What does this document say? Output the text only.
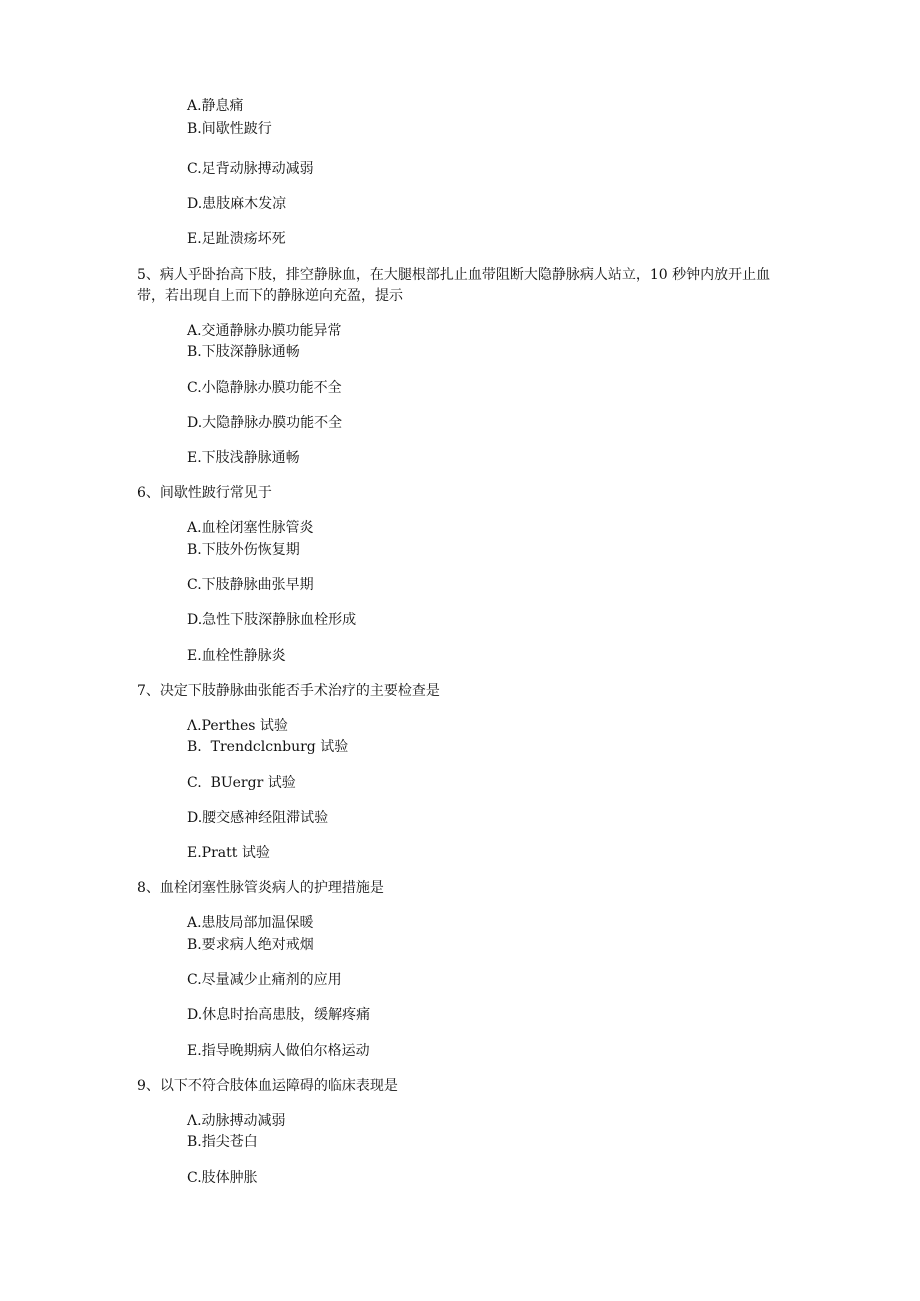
A.静息痛
B.间歇性跛行
C.足背动脉搏动减弱
D.患肢麻木发凉
E.足趾溃疡坏死
5、病人乎卧抬高下肢，排空静脉血，在大腿根部扎止血带阻断大隐静脉病人站立，10 秒钟内放开止血带，若出现自上而下的静脉逆向充盈，提示
A.交通静脉办膜功能异常
B.下肢深静脉通畅
C.小隐静脉办膜功能不全
D.大隐静脉办膜功能不全
E.下肢浅静脉通畅
6、间歇性跛行常见于
A.血栓闭塞性脉管炎
B.下肢外伤恢复期
C.下肢静脉曲张早期
D.急性下肢深静脉血栓形成
E.血栓性静脉炎
7、决定下肢静脉曲张能否手术治疗的主要检查是
Λ.Perthes 试验
B.  Trendclcnburg 试验
C.  BUergr 试验
D.腰交感神经阻滞试验
E.Pratt 试验
8、血栓闭塞性脉管炎病人的护理措施是
A.患肢局部加温保暖
B.要求病人绝对戒烟
C.尽量减少止痛剂的应用
D.休息时抬高患肢，缓解疼痛
E.指导晚期病人做伯尔格运动
9、以下不符合肢体血运障碍的临床表现是
Λ.动脉搏动减弱
B.指尖苍白
C.肢体肿胀
